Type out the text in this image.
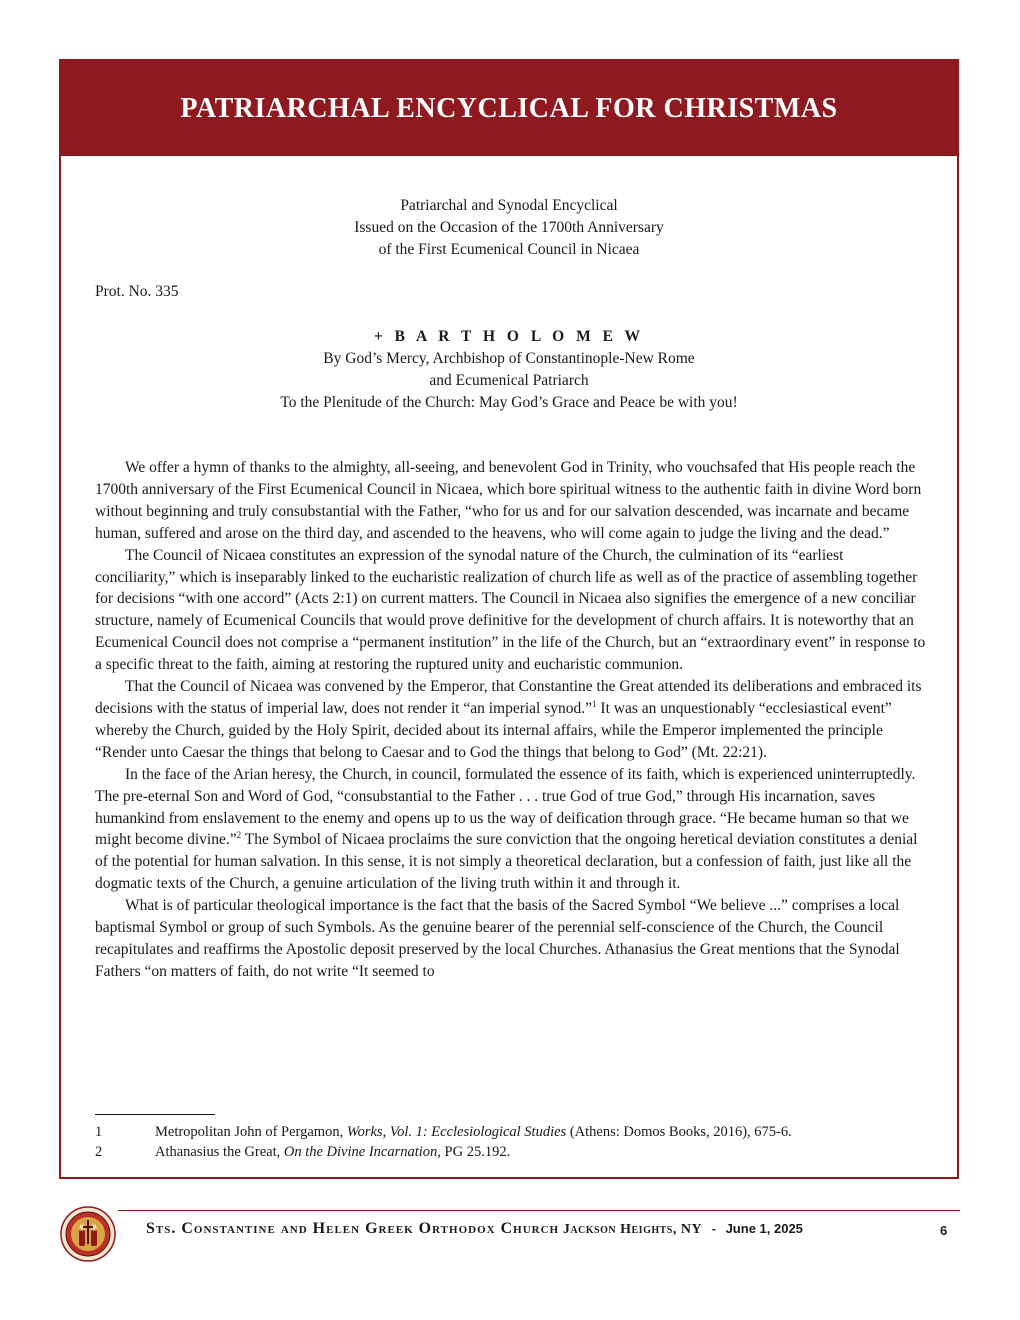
PATRIARCHAL ENCYCLICAL FOR CHRISTMAS
Patriarchal and Synodal Encyclical
Issued on the Occasion of the 1700th Anniversary
of the First Ecumenical Council in Nicaea
Prot. No. 335
+ B A R T H O L O M E W
By God’s Mercy, Archbishop of Constantinople-New Rome
and Ecumenical Patriarch
To the Plenitude of the Church: May God’s Grace and Peace be with you!

We offer a hymn of thanks to the almighty, all-seeing, and benevolent God in Trinity, who vouchsafed that His people reach the 1700th anniversary of the First Ecumenical Council in Nicaea, which bore spiritual witness to the authentic faith in divine Word born without beginning and truly consubstantial with the Father, “who for us and for our salvation descended, was incarnate and became human, suffered and arose on the third day, and ascended to the heavens, who will come again to judge the living and the dead.”

The Council of Nicaea constitutes an expression of the synodal nature of the Church, the culmination of its “earliest conciliarity,” which is inseparably linked to the eucharistic realization of church life as well as of the practice of assembling together for decisions “with one accord” (Acts 2:1) on current matters. The Council in Nicaea also signifies the emergence of a new conciliar structure, namely of Ecumenical Councils that would prove definitive for the development of church affairs. It is noteworthy that an Ecumenical Council does not comprise a “permanent institution” in the life of the Church, but an “extraordinary event” in response to a specific threat to the faith, aiming at restoring the ruptured unity and eucharistic communion.

That the Council of Nicaea was convened by the Emperor, that Constantine the Great attended its deliberations and embraced its decisions with the status of imperial law, does not render it “an imperial synod.”$^1$ It was an unquestionably “ecclesiastical event” whereby the Church, guided by the Holy Spirit, decided about its internal affairs, while the Emperor implemented the principle “Render unto Caesar the things that belong to Caesar and to God the things that belong to God” (Mt. 22:21).

In the face of the Arian heresy, the Church, in council, formulated the essence of its faith, which is experienced uninterruptedly. The pre-eternal Son and Word of God, “consubstantial to the Father . . . true God of true God,” through His incarnation, saves humankind from enslavement to the enemy and opens up to us the way of deification through grace. “He became human so that we might become divine.”$^2$ The Symbol of Nicaea proclaims the sure conviction that the ongoing heretical deviation constitutes a denial of the potential for human salvation. In this sense, it is not simply a theoretical declaration, but a confession of faith, just like all the dogmatic texts of the Church, a genuine articulation of the living truth within it and through it.

What is of particular theological importance is the fact that the basis of the Sacred Symbol “We believe ...” comprises a local baptismal Symbol or group of such Symbols. As the genuine bearer of the perennial self-conscience of the Church, the Council recapitulates and reaffirms the Apostolic deposit preserved by the local Churches. Athanasius the Great mentions that the Synodal Fathers “on matters of faith, do not write “It seemed to

1	Metropolitan John of Pergamon, Works, Vol. 1: Ecclesiological Studies (Athens: Domos Books, 2016), 675-6.
2	Athanasius the Great, On the Divine Incarnation, PG 25.192.
Sts. Constantine and Helen Greek Orthodox Church Jackson Heights, NY - June 1, 2025	6
